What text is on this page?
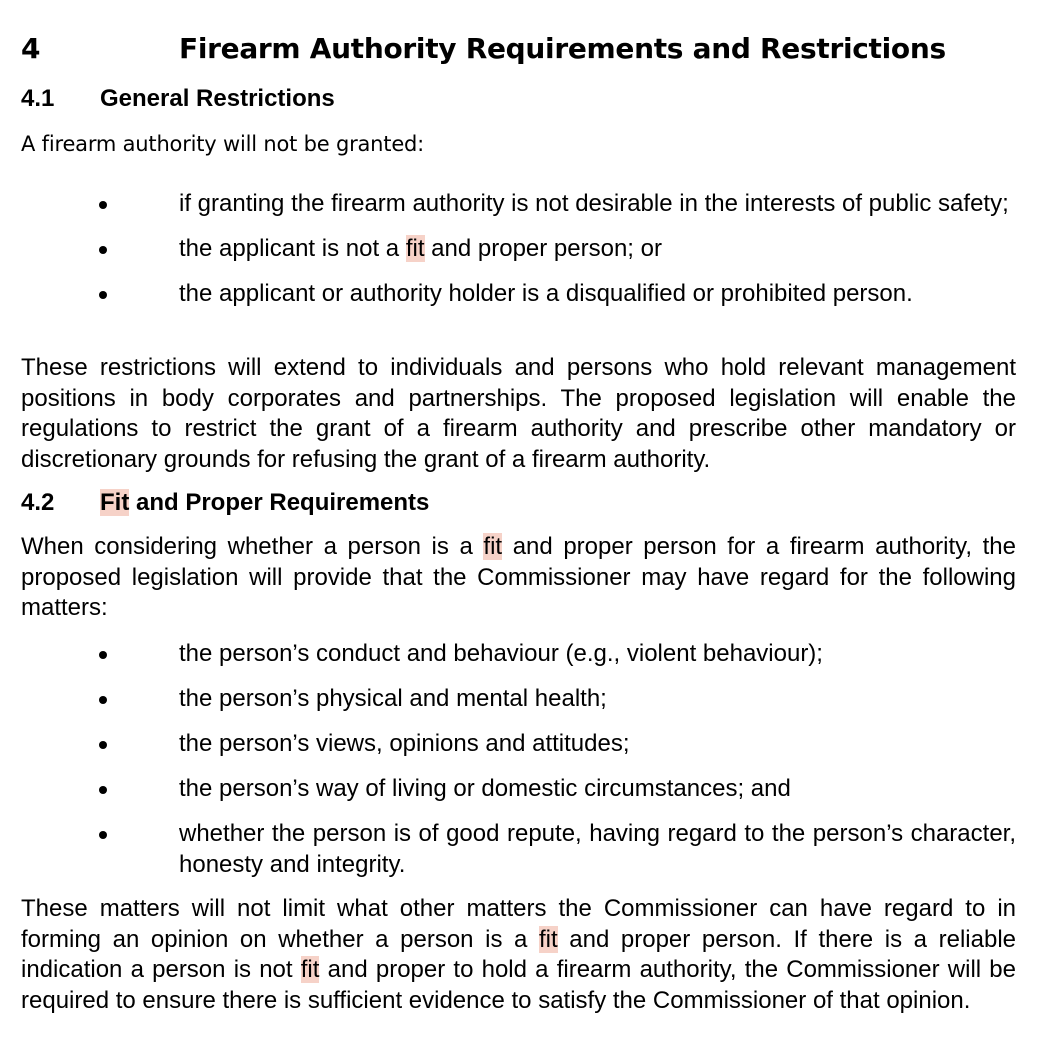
4	Firearm Authority Requirements and Restrictions
4.1 General Restrictions
A firearm authority will not be granted:
if granting the firearm authority is not desirable in the interests of public safety;
the applicant is not a fit and proper person; or
the applicant or authority holder is a disqualified or prohibited person.

These restrictions will extend to individuals and persons who hold relevant management positions in body corporates and partnerships. The proposed legislation will enable the regulations to restrict the grant of a firearm authority and prescribe other mandatory or discretionary grounds for refusing the grant of a firearm authority.

4.2 Fit and Proper Requirements

When considering whether a person is a fit and proper person for a firearm authority, the proposed legislation will provide that the Commissioner may have regard for the following matters:

the person’s conduct and behaviour (e.g., violent behaviour);
the person’s physical and mental health;
the person’s views, opinions and attitudes;
the person’s way of living or domestic circumstances; and
whether the person is of good repute, having regard to the person’s character, honesty and integrity.

These matters will not limit what other matters the Commissioner can have regard to in forming an opinion on whether a person is a fit and proper person. If there is a reliable indication a person is not fit and proper to hold a firearm authority, the Commissioner will be required to ensure there is sufficient evidence to satisfy the Commissioner of that opinion.
